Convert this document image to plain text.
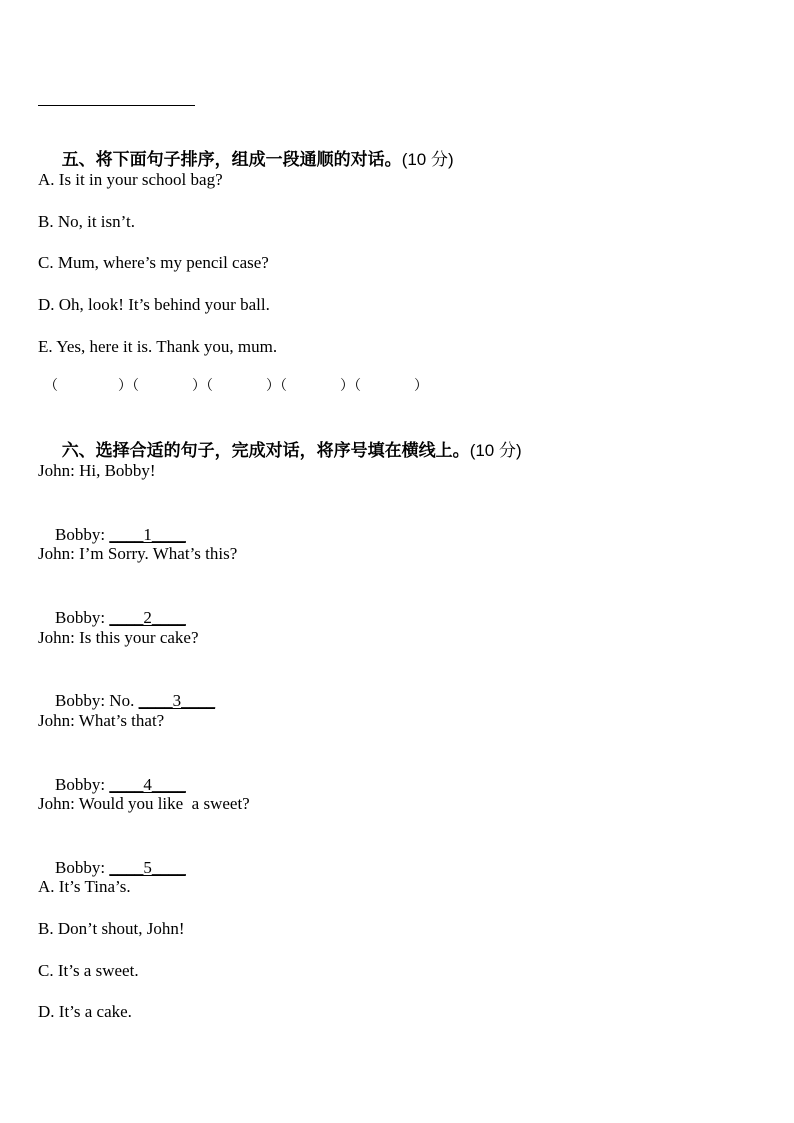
五、将下面句子排序，组成一段通顺的对话。(10 分)

A. Is it in your school bag?
B. No, it isn’t.
C. Mum, where’s my pencil case?
D. Oh, look! It’s behind your ball.
E. Yes, here it is. Thank you, mum.
（	）（	）（	）（	）（	）

六、选择合适的句子，完成对话，将序号填在横线上。(10 分)

John: Hi, Bobby!

Bobby: ____1____

John: I’m Sorry. What’s this?

Bobby: ____2____

John: Is this your cake?

Bobby: No. ____3____

John: What’s that?

Bobby: ____4____

John: Would you like  a sweet?

Bobby: ____5____

A. It’s Tina’s.
B. Don’t shout, John!
C. It’s a sweet.
D. It’s a cake.
